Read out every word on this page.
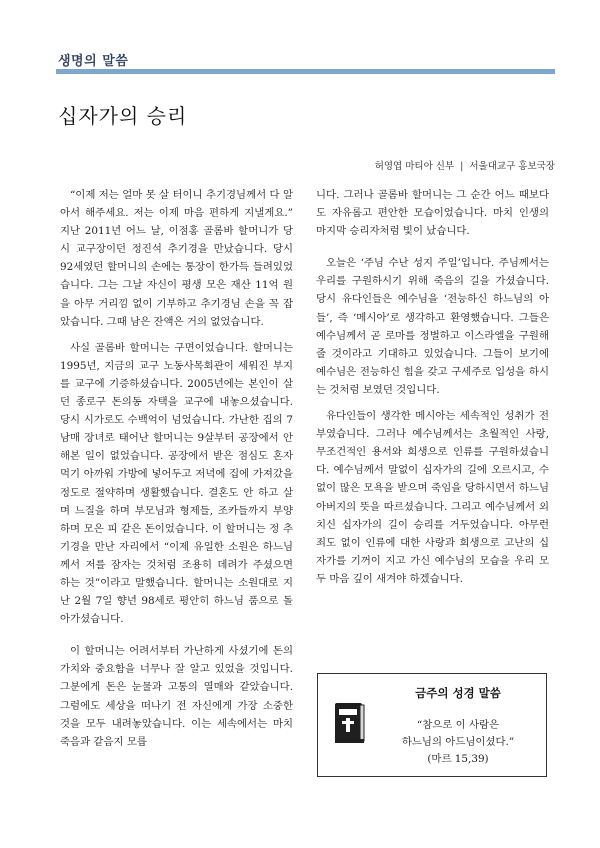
생명의 말씀
십자가의 승리
허영엽 마티아 신부 | 서울대교구 홍보국장

“이제 저는 얼마 못 살 터이니 추기경님께서 다 알아서 해주세요. 저는 이제 마음 편하게 지낼게요.” 지난 2011년 어느 날, 이점홍 골롬바 할머니가 당시 교구장이던 정진석 추기경을 만났습니다. 당시 92세였던 할머니의 손에는 통장이 한가득 들려있었습니다. 그는 그날 자신이 평생 모은 재산 11억 원을 아무 거리낌 없이 기부하고 추기경님 손을 꼭 잡았습니다. 그때 남은 잔액은 거의 없었습니다.

사실 골롬바 할머니는 구면이었습니다. 할머니는 1995년, 지금의 교구 노동사목회관이 세워진 부지를 교구에 기증하셨습니다. 2005년에는 본인이 살던 종로구 돈의동 자택을 교구에 내놓으셨습니다. 당시 시가로도 수백억이 넘었습니다. 가난한 집의 7남매 장녀로 태어난 할머니는 9살부터 공장에서 안 해본 일이 없었습니다. 공장에서 받은 점심도 혼자 먹기 아까워 가방에 넣어두고 저녁에 집에 가져갔을 정도로 절약하며 생활했습니다. 결혼도 안 하고 살며 느질을 하며 부모님과 형제들, 조카들까지 부양하며 모은 피 같은 돈이었습니다. 이 할머니는 정 추기경을 만난 자리에서 “이제 유일한 소원은 하느님께서 저를 잠자는 것처럼 조용히 데려가 주셨으면 하는 것”이라고 말했습니다. 할머니는 소원대로 지난 2월 7일 향년 98세로 평안히 하느님 품으로 돌아가셨습니다.

이 할머니는 어려서부터 가난하게 사셨기에 돈의 가치와 중요함을 너무나 잘 알고 있었을 것입니다. 그분에게 돈은 눈물과 고통의 열매와 같았습니다. 그럼에도 세상을 떠나기 전 자신에게 가장 소중한 것을 모두 내려놓았습니다. 이는 세속에서는 마치 죽음과 같음지 모릅

니다. 그러나 골롬바 할머니는 그 순간 어느 때보다도 자유롭고 편안한 모습이었습니다. 마치 인생의 마지막 승리자처럼 빛이 났습니다.

오늘은 ‘주님 수난 성지 주일’입니다. 주님께서는 우리를 구원하시기 위해 죽음의 길을 가셨습니다. 당시 유다인들은 예수님을 ‘전능하신 하느님의 아들’, 즉 ‘메시아’로 생각하고 환영했습니다. 그들은 예수님께서 곧 로마를 정벌하고 이스라엘을 구원해줄 것이라고 기대하고 있었습니다. 그들이 보기에 예수님은 전능하신 힘을 갖고 구세주로 입성을 하시는 것처럼 보였던 것입니다.

유다인들이 생각한 메시아는 세속적인 성취가 전부였습니다. 그러나 예수님께서는 초월적인 사랑, 무조건적인 용서와 희생으로 인류를 구원하셨습니다. 예수님께서 말없이 십자가의 길에 오르시고, 수없이 많은 모욕을 받으며 죽임을 당하시면서 하느님 아버지의 뜻을 따르셨습니다. 그리고 예수님께서 외치신 십자가의 길이 승리를 거두었습니다. 아무런 죄도 없이 인류에 대한 사랑과 희생으로 고난의 십자가를 기꺼이 지고 가신 예수님의 모습을 우리 모두 마음 깊이 새겨야 하겠습니다.

금주의 성경 말씀
“참으로 이 사람은
하느님의 아드님이셨다.”
(마르 15,39)
